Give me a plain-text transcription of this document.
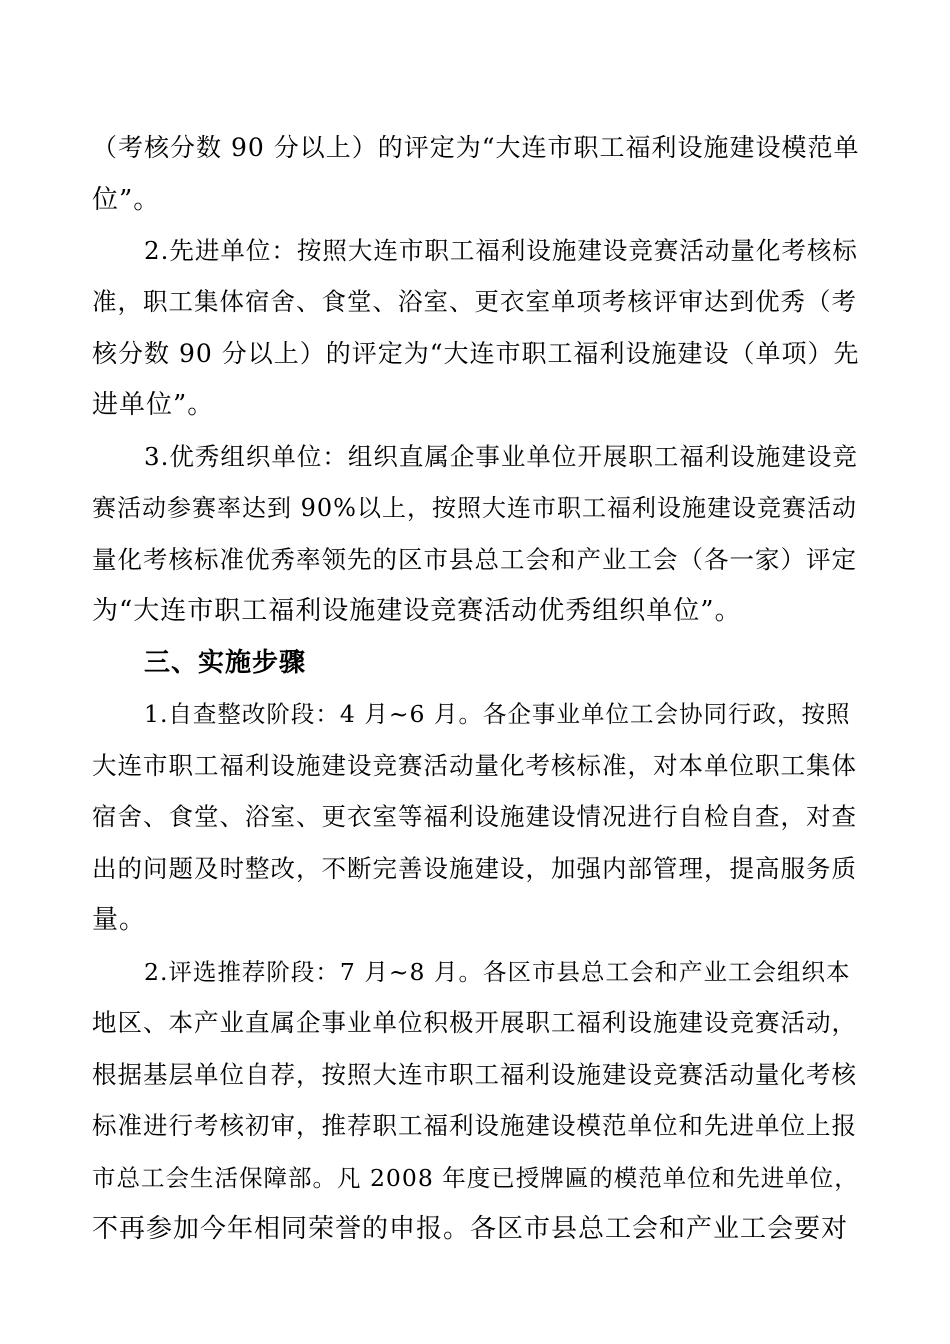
（考核分数 90 分以上）的评定为“大连市职工福利设施建设模范单
位”。
2.先进单位：按照大连市职工福利设施建设竞赛活动量化考核标
准，职工集体宿舍、食堂、浴室、更衣室单项考核评审达到优秀（考
核分数 90 分以上）的评定为“大连市职工福利设施建设（单项）先
进单位”。
3.优秀组织单位：组织直属企事业单位开展职工福利设施建设竞
赛活动参赛率达到 90%以上，按照大连市职工福利设施建设竞赛活动
量化考核标准优秀率领先的区市县总工会和产业工会（各一家）评定
为“大连市职工福利设施建设竞赛活动优秀组织单位”。
三、实施步骤
1.自查整改阶段：4 月~6 月。各企事业单位工会协同行政，按照
大连市职工福利设施建设竞赛活动量化考核标准，对本单位职工集体
宿舍、食堂、浴室、更衣室等福利设施建设情况进行自检自查，对查
出的问题及时整改，不断完善设施建设，加强内部管理，提高服务质
量。
2.评选推荐阶段：7 月~8 月。各区市县总工会和产业工会组织本
地区、本产业直属企事业单位积极开展职工福利设施建设竞赛活动，
根据基层单位自荐，按照大连市职工福利设施建设竞赛活动量化考核
标准进行考核初审，推荐职工福利设施建设模范单位和先进单位上报
市总工会生活保障部。凡 2008 年度已授牌匾的模范单位和先进单位，
不再参加今年相同荣誉的申报。各区市县总工会和产业工会要对
